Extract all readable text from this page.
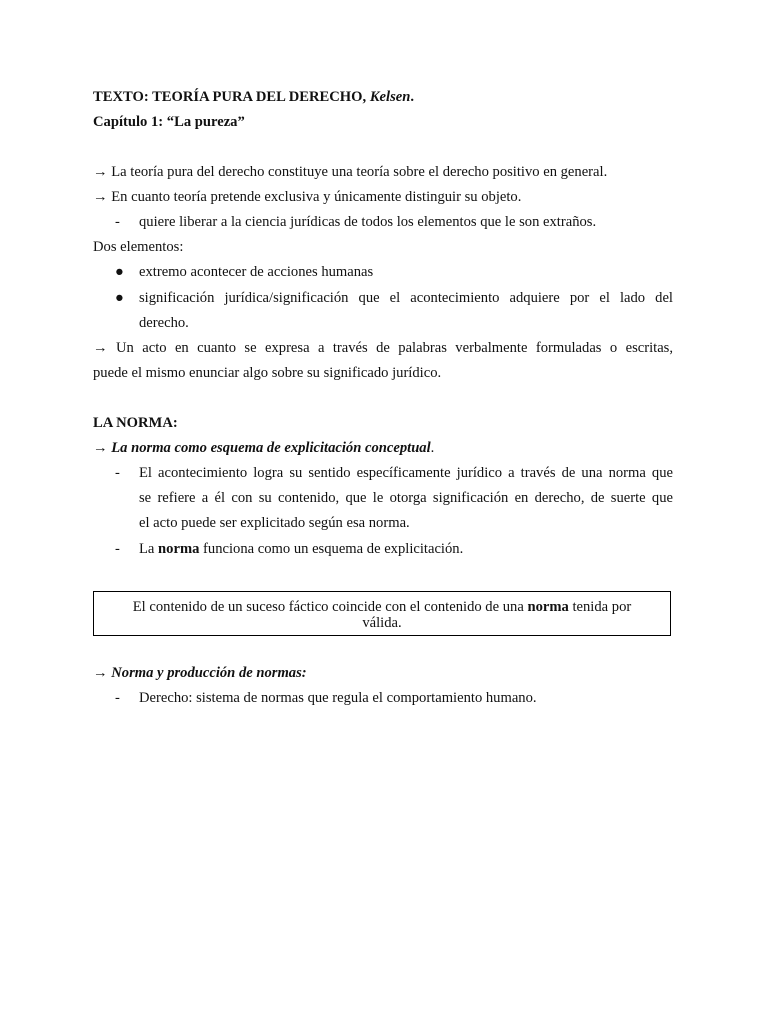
TEXTO: TEORÍA PURA DEL DERECHO, Kelsen.
Capítulo 1: “La pureza”
→ La teoría pura del derecho constituye una teoría sobre el derecho positivo en general.
→ En cuanto teoría pretende exclusiva y únicamente distinguir su objeto.
- quiere liberar a la ciencia jurídicas de todos los elementos que le son extraños.
Dos elementos:
● extremo acontecer de acciones humanas
● significación jurídica/significación que el acontecimiento adquiere por el lado del
derecho.
→ Un acto en cuanto se expresa a través de palabras verbalmente formuladas o escritas,
puede el mismo enunciar algo sobre su significado jurídico.
LA NORMA:
→ La norma como esquema de explicitación conceptual.
- El acontecimiento logra su sentido específicamente jurídico a través de una norma que
se refiere a él con su contenido, que le otorga significación en derecho, de suerte que
el acto puede ser explicitado según esa norma.
- La norma funciona como un esquema de explicitación.
El contenido de un suceso fáctico coincide con el contenido de una norma tenida por
válida.
→ Norma y producción de normas:
- Derecho: sistema de normas que regula el comportamiento humano.
